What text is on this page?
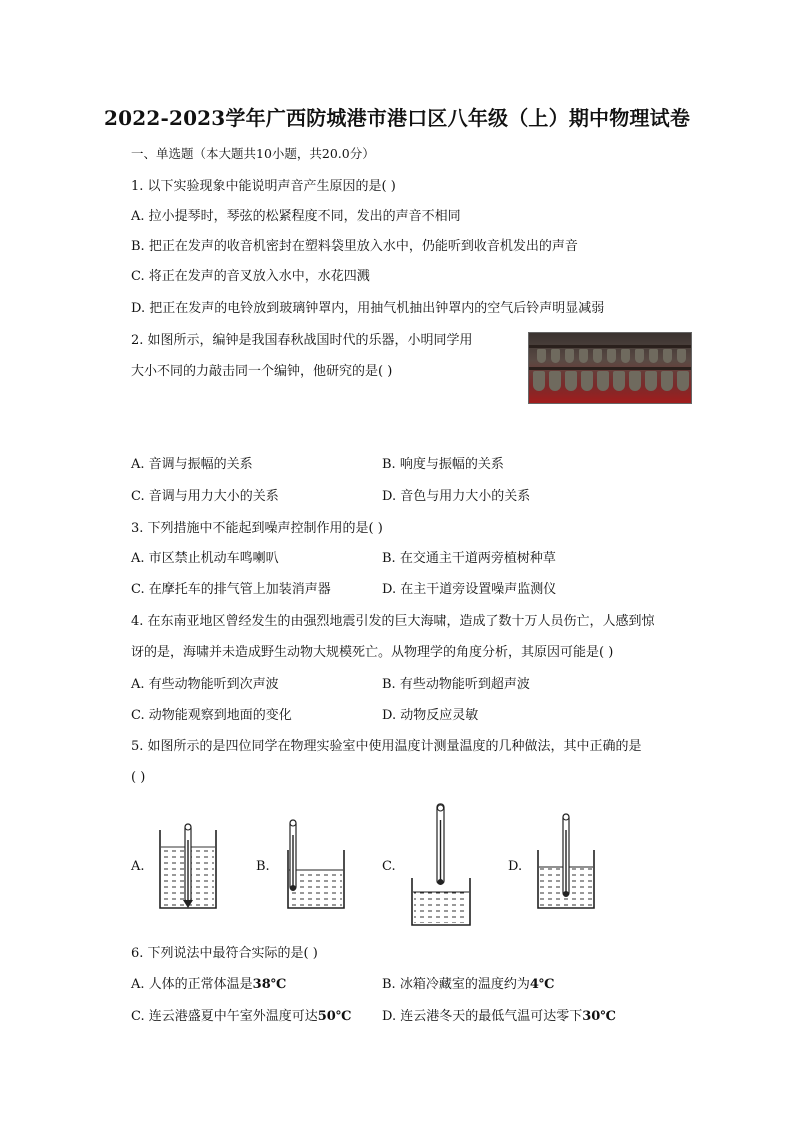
2022-2023学年广西防城港市港口区八年级（上）期中物理试卷
一、单选题（本大题共10小题，共20.0分）
1. 以下实验现象中能说明声音产生原因的是( )
A. 拉小提琴时，琴弦的松紧程度不同，发出的声音不相同
B. 把正在发声的收音机密封在塑料袋里放入水中，仍能听到收音机发出的声音
C. 将正在发声的音叉放入水中，水花四溅
D. 把正在发声的电铃放到玻璃钟罩内，用抽气机抽出钟罩内的空气后铃声明显减弱
2. 如图所示，编钟是我国春秋战国时代的乐器，小明同学用
大小不同的力敲击同一个编钟，他研究的是( )
A. 音调与振幅的关系	B. 响度与振幅的关系
C. 音调与用力大小的关系	D. 音色与用力大小的关系
3. 下列措施中不能起到噪声控制作用的是( )
A. 市区禁止机动车鸣喇叭	B. 在交通主干道两旁植树种草
C. 在摩托车的排气管上加装消声器	D. 在主干道旁设置噪声监测仪
4. 在东南亚地区曾经发生的由强烈地震引发的巨大海啸，造成了数十万人员伤亡，人感到惊
讶的是，海啸并未造成野生动物大规模死亡。从物理学的角度分析，其原因可能是( )
A. 有些动物能听到次声波	B. 有些动物能听到超声波
C. 动物能观察到地面的变化	D. 动物反应灵敏
5. 如图所示的是四位同学在物理实验室中使用温度计测量温度的几种做法，其中正确的是
( )
A.	B.	C.	D.
6. 下列说法中最符合实际的是( )
A. 人体的正常体温是38℃	B. 冰箱冷藏室的温度约为4℃
C. 连云港盛夏中午室外温度可达50℃ D. 连云港冬天的最低气温可达零下30℃
